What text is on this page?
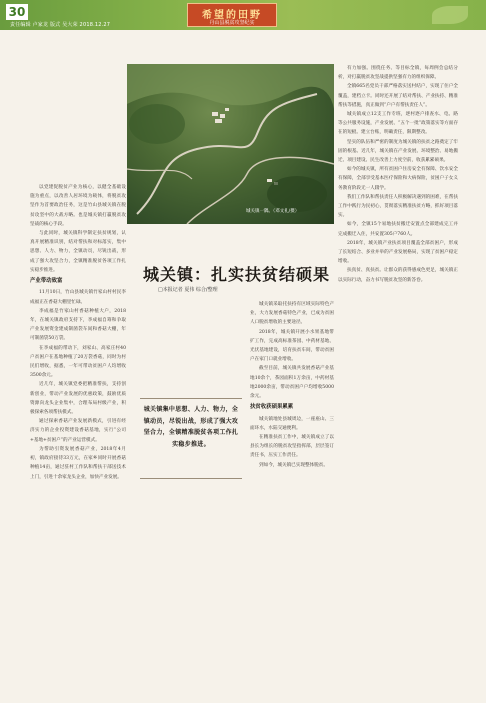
30
责任编辑 卢家龙 版式 吴大荣 2018.12.27
希望的田野
丹山县脱贫攻坚纪实
城关镇一隅。（邓文礼/摄）
城关镇：扎实扶贫结硕果
□本报记者 夏伟 综合/整理

以党建促脱贫产业为核心，以健全基础设施为重点，以改善人居环境为载体，将脱贫攻坚作为首要政治任务，这是竹山县城关镇在脱贫攻坚中的大战方略。也是城关镇打赢脱贫攻坚战的核心手段。

与此同时，城关镇科学制定扶贫规划，认真开展精准识别，结对帮扶和对标落实，集中思想、人力、物力，全镇动员，尽锐出战，形成了强大攻坚合力，全镇精准脱贫各项工作扎实稳步推进。

产业带动致富

11月10日，竹山县城关镇竹家山村村民李成福正在香菇大棚里忙碌。

李成福是竹家山村香菇种植大户，2018年，在城关镇政府支持下，李成福自筹和争取产业发展资金建成制菌袋车间和香菇大棚，年可制菌袋50万袋。

在李成福的带动下，刘家山、高家庄村40户贫困户在基地种植了20万袋香菇，同时为村民们增收，据悉，一年可带动贫困户人均增收3500余元。

近几年，城关镇党委把精准帮扶，支持创新创业，带动产业发展的优惠政策，鼓励优质资源向龙头企业集中，合理布局村级产业，积极探索各项帮扶模式。

通过探索香菇产业发展新模式，引进有经济实力的企业投资建设香菇基地，实行“公司+基地+贫困户”的产业运营模式。

为帮助引资发展香菇产业，2018年4月初，镇政府接待33万元，在家乡同时开展香菇种植14亩，通过驻村工作队和帮扶干部送技术上门，引进十余家龙头企业，加快产业发展。

城关镇集中思想、人力、物力，全镇动员，尽锐出战，形成了强大攻坚合力，全镇精准脱贫各项工作扎实稳步推进。

城关镇采取托扶持有区域实际特色产业，大力发展香菇特色产业，已成为贫困人口脱贫增收的主要途径。

2018年，城关镇开展小水果基地带扩工作，完成高标准茶园、中药材基地、光伏基地建设，培育扶贫车间，带动贫困户在家门口就业增收。

截至目前，城关镇共发展香菇产业基地10余个，茶园面积1万余亩，中药材基地2000余亩，带动贫困户户均增收5000余元。

扶贫收获硕果累累

城关镇地处县城周边，一座座山、三面环水，水陆交通便利。

在精准扶贫工作中，城关镇成立了以县长为组长的脱贫攻坚指挥部，层层签订责任书，压实工作责任。

到如今，城关镇已实现整体脱贫。

有力加强。围绕任务、等目标全镇，每周例会总结分析，对打赢脱贫攻坚战提供坚强有力的组织保障。

全镇665名党员干部严格落实送村结户，实现了住户全覆盖，建档立卡。同时还开展了结对帮扶、产业扶持、精准帮扶等措施，真正做到“户户有帮扶责任人”。

城关镇成立12支工作专班，逐村逐户排查水、电、路等公共服务设施，产业发展、“五个一批”政策落实等方面存在的短板。建立台账，明确责任，限期整改。

坚实的队伍和严密的制度为城关镇的扶贫之路奠定了牢固的根基。近几年，城关镇在产业发展、环境整治、易地搬迁、项目建设、民生改善上力度空前，收获累累硕果。

如今的城关镇，所有贫困户住房安全有保障、饮水安全有保障，全部享受基本医疗保险和大病保险，贫困户子女义务教育阶段无一人辍学。

我们工作队和帮扶责任人积极解决遇到的困难，在帮扶工作中践行为民初心，贯彻落实精准扶贫方略，抓好项目落实。

如今，全镇15个易地扶贫搬迁安置点全部建成完工并完成搬迁入住，共安置305户760人。

2018年，城关镇产业扶贫项目覆盖全部贫困户，形成了长短结合、多业并举的产业发展格局，实现了贫困户稳定增收。

扶真贫、真扶贫。让群众的获得感成色更足，城关镇正以实际行动，奋力书写脱贫攻坚的新答卷。
